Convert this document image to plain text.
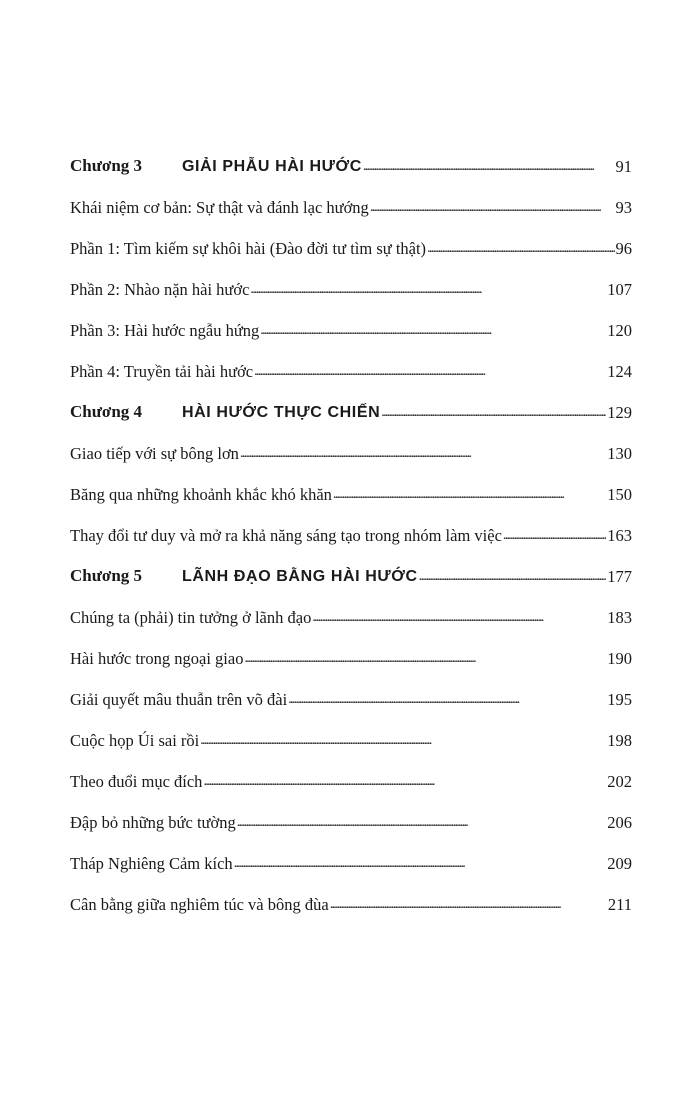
Chương 3 GIẢI PHẪU HÀI HƯỚC . . .	91
Khái niệm cơ bản: Sự thật và đánh lạc hướng . . .	93
Phần 1: Tìm kiếm sự khôi hài (Đào đời tư tìm sự thật) . . .	96
Phần 2: Nhào nặn hài hước . . .	107
Phần 3: Hài hước ngẫu hứng . . .	120
Phần 4: Truyền tải hài hước . . .	124
Chương 4 HÀI HƯỚC THỰC CHIẾN . . .	129
Giao tiếp với sự bông lơn . . .	130
Băng qua những khoảnh khắc khó khăn . . .	150
Thay đổi tư duy và mở ra khả năng sáng tạo trong nhóm làm việc . . .	163
Chương 5 LÃNH ĐẠO BẰNG HÀI HƯỚC . . .	177
Chúng ta (phải) tin tưởng ở lãnh đạo . . .	183
Hài hước trong ngoại giao . . .	190
Giải quyết mâu thuẫn trên võ đài . . .	195
Cuộc họp Úi sai rồi . . .	198
Theo đuổi mục đích . . .	202
Đập bỏ những bức tường . . .	206
Tháp Nghiêng Cảm kích . . .	209
Cân bằng giữa nghiêm túc và bông đùa . . .	211
